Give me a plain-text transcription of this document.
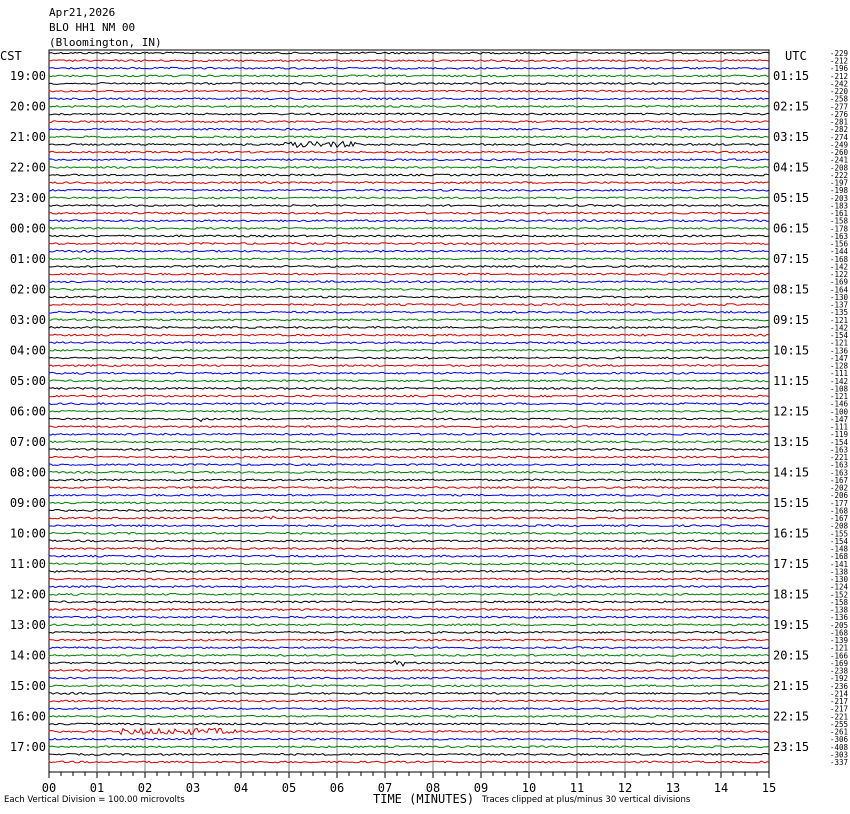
Apr21,2026
BLO HH1 NM 00
(Bloomington, IN)
CST	UTC
19:00
20:00
21:00
22:00
23:00
00:00
01:00
02:00
03:00
04:00
05:00
06:00
07:00
08:00
09:00
10:00
11:00
12:00
13:00
14:00
15:00
16:00
17:00
01:15
02:15
03:15
04:15
05:15
06:15
07:15
08:15
09:15
10:15
11:15
12:15
13:15
14:15
15:15
16:15
17:15
18:15
19:15
20:15
21:15
22:15
23:15
-229
-212
-196
-212
-242
-220
-258
-277
-276
-281
-282
-274
-249
-260
-241
-208
-222
-197
-198
-203
-183
-161
-158
-178
-163
-156
-144
-168
-142
-122
-169
-164
-130
-137
-135
-121
-142
-154
-121
-136
-147
-128
-111
-142
-108
-121
-146
-100
-147
-111
-119
-154
-163
-221
-163
-163
-167
-202
-206
-177
-168
-167
-208
-155
-154
-148
-168
-141
-138
-130
-124
-152
-158
-138
-136
-205
-168
-139
-121
-166
-169
-238
-192
-236
-214
-217
-217
-221
-255
-261
-306
-408
-303
-337
00	01	02	03	04	05	06	07	08	09	10	11	12	13	14	15
Each Vertical Division = 100.00 microvolts	TIME (MINUTES) Traces clipped at plus/minus 30 vertical divisions
